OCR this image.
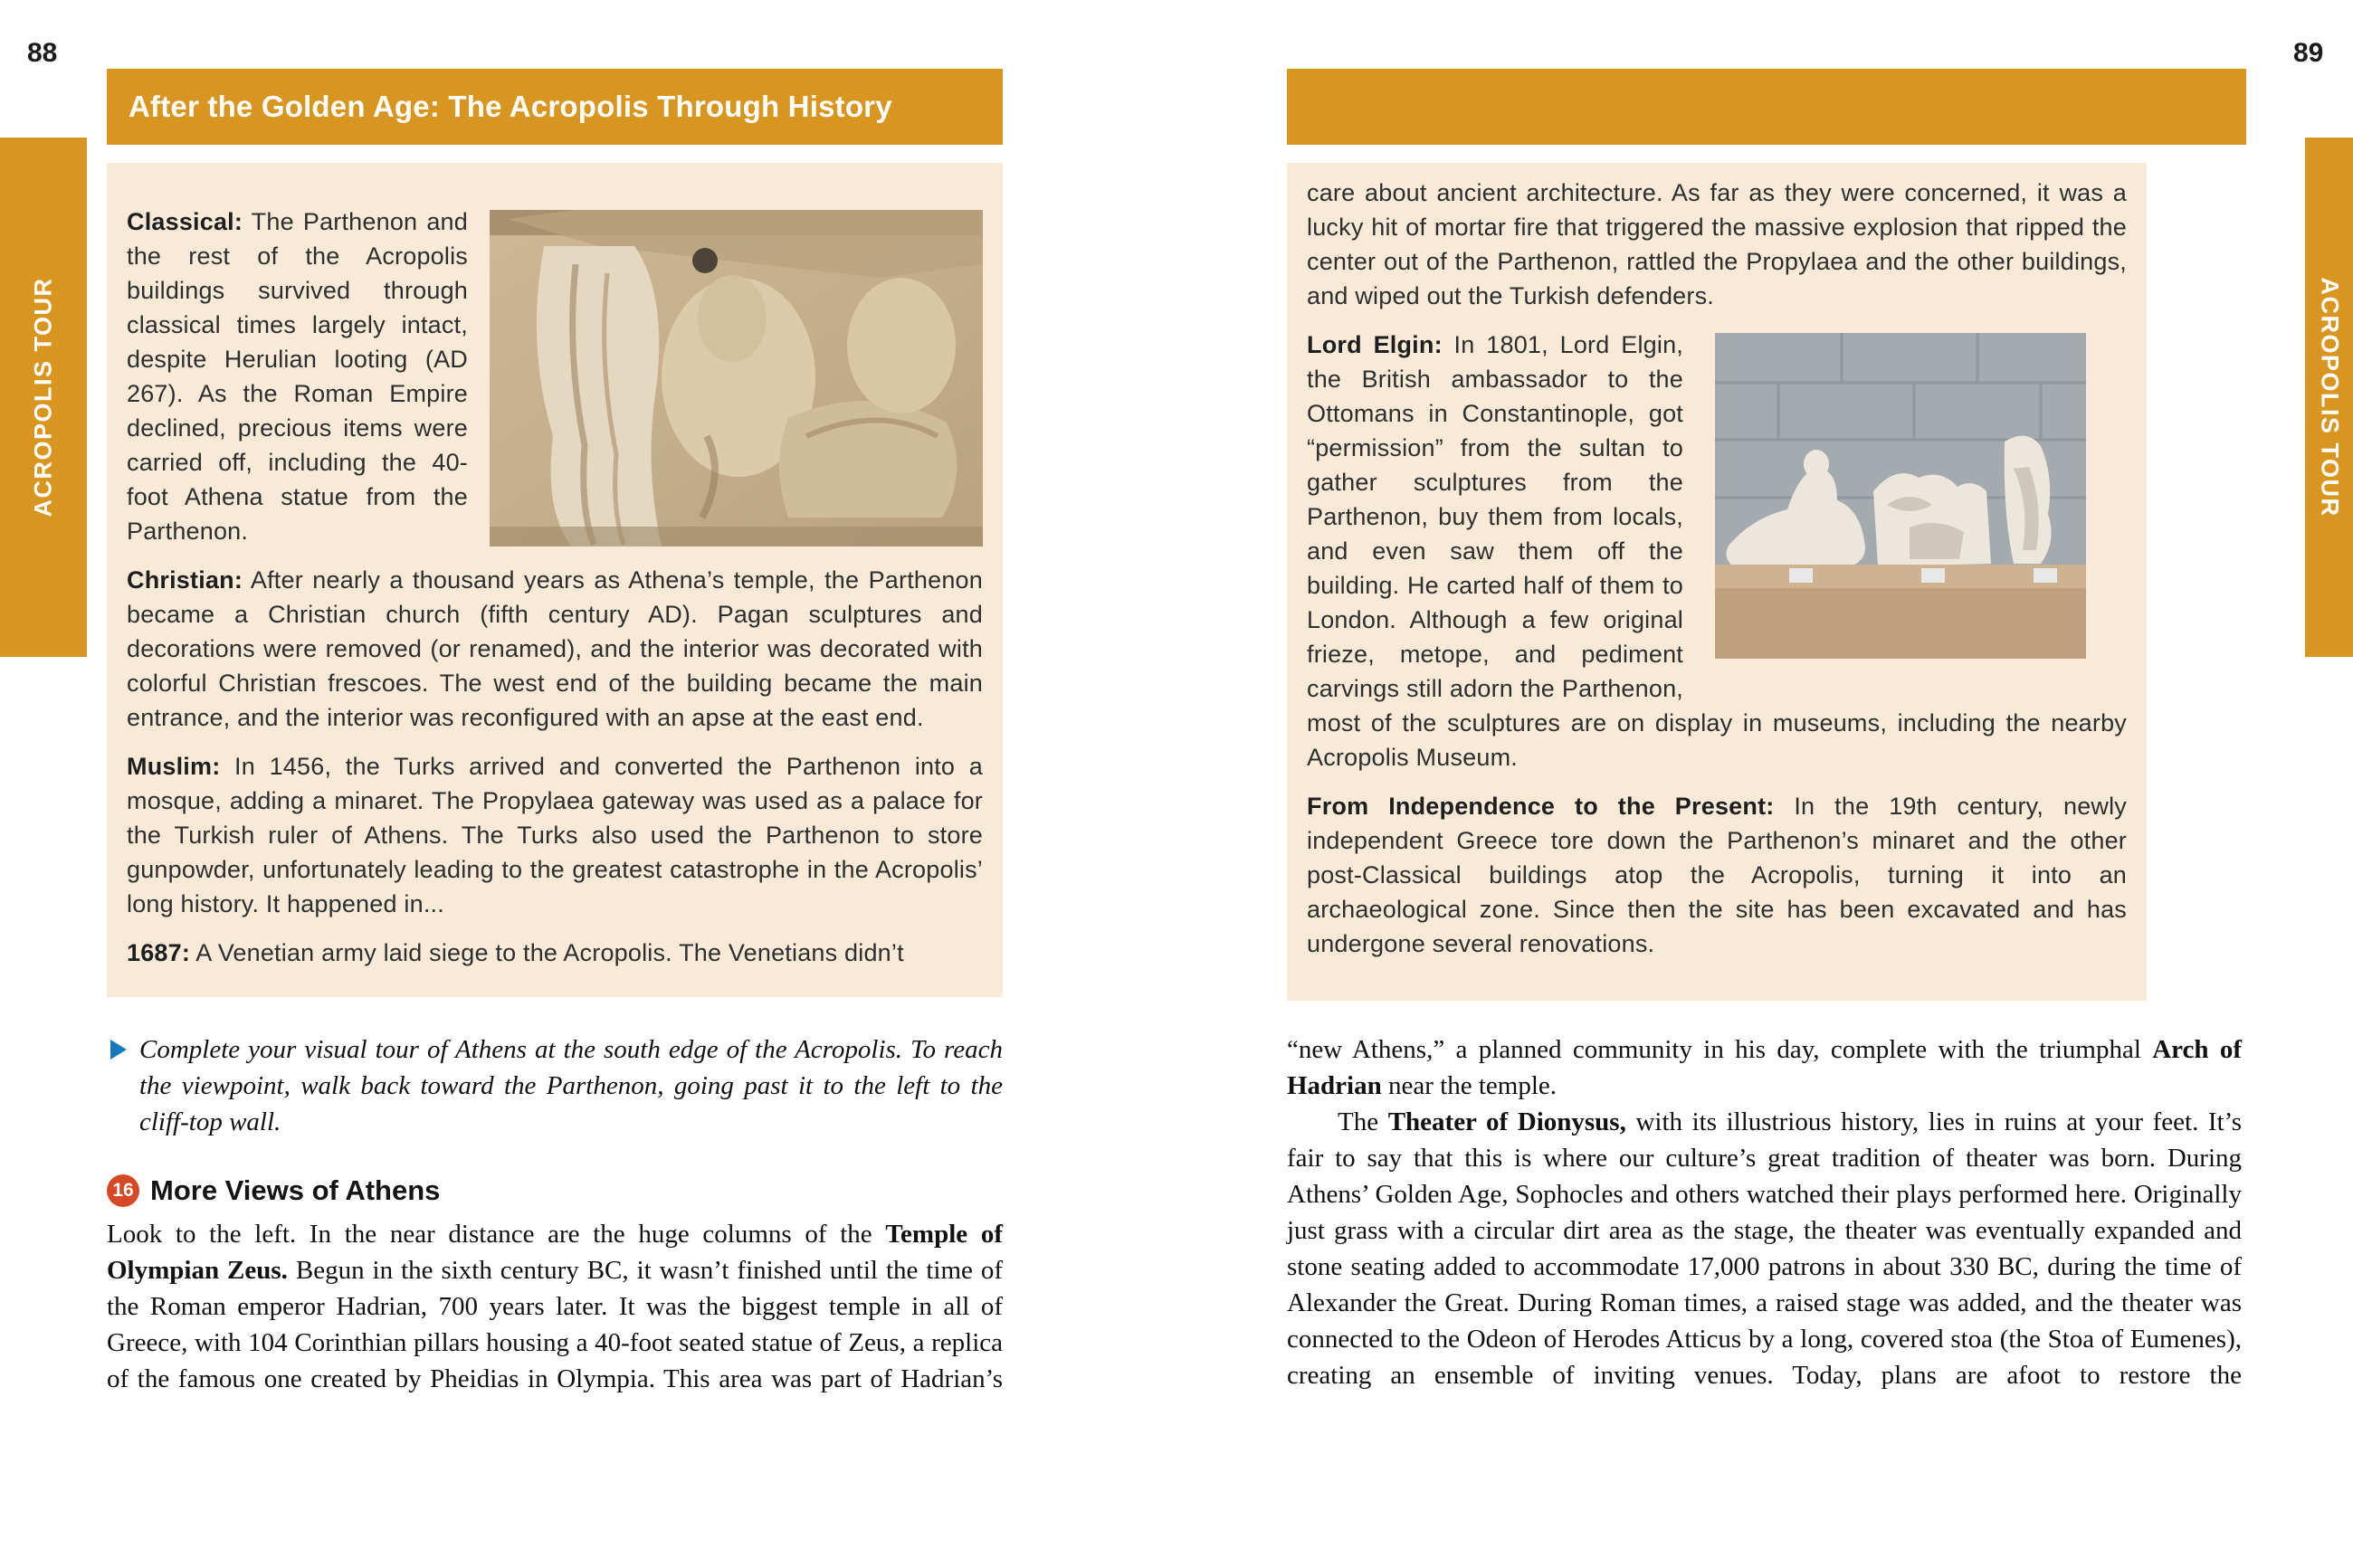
88	89
ACROPOLIS TOUR	ACROPOLIS TOUR
After the Golden Age: The Acropolis Through History

Classical: The Parthenon and the rest of the Acropolis buildings survived through classical times largely intact, despite Herulian looting (AD 267). As the Roman Empire declined, precious items were carried off, including the 40-foot Athena statue from the Parthenon.

Christian: After nearly a thousand years as Athena’s temple, the Parthenon became a Christian church (fifth century AD). Pagan sculptures and decorations were removed (or renamed), and the interior was decorated with colorful Christian frescoes. The west end of the building became the main entrance, and the interior was reconfigured with an apse at the east end.

Muslim: In 1456, the Turks arrived and converted the Parthenon into a mosque, adding a minaret. The Propylaea gateway was used as a palace for the Turkish ruler of Athens. The Turks also used the Parthenon to store gunpowder, unfortunately leading to the greatest catastrophe in the Acropolis’ long history. It happened in...

1687: A Venetian army laid siege to the Acropolis. The Venetians didn’t

care about ancient architecture. As far as they were concerned, it was a lucky hit of mortar fire that triggered the massive explosion that ripped the center out of the Parthenon, rattled the Propylaea and the other buildings, and wiped out the Turkish defenders.

Lord Elgin: In 1801, Lord Elgin, the British ambassador to the Ottomans in Constantinople, got “permission” from the sultan to gather sculptures from the Parthenon, buy them from locals, and even saw them off the building. He carted half of them to London. Although a few original frieze, metope, and pediment carvings still adorn the Parthenon, most of the sculptures are on display in museums, including the nearby Acropolis Museum.

From Independence to the Present: In the 19th century, newly independent Greece tore down the Parthenon’s minaret and the other post-Classical buildings atop the Acropolis, turning it into an archaeological zone. Since then the site has been excavated and has undergone several renovations.

Complete your visual tour of Athens at the south edge of the Acropolis. To reach the viewpoint, walk back toward the Parthenon, going past it to the left to the cliff-top wall.
16 More Views of Athens

Look to the left. In the near distance are the huge columns of the Temple of Olympian Zeus. Begun in the sixth century BC, it wasn’t finished until the time of the Roman emperor Hadrian, 700 years later. It was the biggest temple in all of Greece, with 104 Corinthian pillars housing a 40-foot seated statue of Zeus, a replica of the famous one created by Pheidias in Olympia. This area was part of Hadrian’s

“new Athens,” a planned community in his day, complete with the triumphal Arch of Hadrian near the temple.

The Theater of Dionysus, with its illustrious history, lies in ruins at your feet. It’s fair to say that this is where our culture’s great tradition of theater was born. During Athens’ Golden Age, Sophocles and others watched their plays performed here. Originally just grass with a circular dirt area as the stage, the theater was eventually expanded and stone seating added to accommodate 17,000 patrons in about 330 BC, during the time of Alexander the Great. During Roman times, a raised stage was added, and the theater was connected to the Odeon of Herodes Atticus by a long, covered stoa (the Stoa of Eumenes), creating an ensemble of inviting venues. Today, plans are afoot to restore the
